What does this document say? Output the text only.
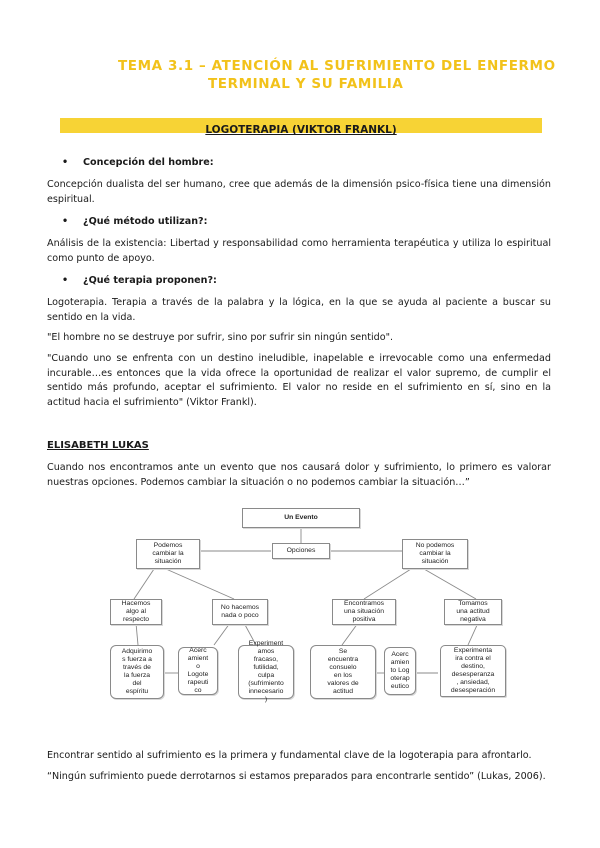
TEMA 3.1 – ATENCIÓN AL SUFRIMIENTO DEL ENFERMO
TERMINAL Y SU FAMILIA
LOGOTERAPIA (VIKTOR FRANKL)
• Concepción del hombre:
Concepción dualista del ser humano, cree que además de la dimensión psico-física tiene una dimensión espiritual.
• ¿Qué método utilizan?:
Análisis de la existencia: Libertad y responsabilidad como herramienta terapéutica y utiliza lo espiritual como punto de apoyo.
• ¿Qué terapia proponen?:
Logoterapia. Terapia a través de la palabra y la lógica, en la que se ayuda al paciente a buscar su sentido en la vida.
"El hombre no se destruye por sufrir, sino por sufrir sin ningún sentido".
"Cuando uno se enfrenta con un destino ineludible, inapelable e irrevocable como una enfermedad incurable…es entonces que la vida ofrece la oportunidad de realizar el valor supremo, de cumplir el sentido más profundo, aceptar el sufrimiento. El valor no reside en el sufrimiento en sí, sino en la actitud hacia el sufrimiento" (Viktor Frankl).
ELISABETH LUKAS
Cuando nos encontramos ante un evento que nos causará dolor y sufrimiento, lo primero es valorar nuestras opciones. Podemos cambiar la situación o no podemos cambiar la situación…”
Un Evento
Opciones
Podemos
cambiar la
situación
No podemos
cambiar la
situación
Hacemos
algo al
respecto
No hacemos
nada o poco
Encontramos
una situación
positiva
Tomamos
una actitud
negativa
Adquirimo
s fuerza a
través de
la fuerza
del
espíritu
Acerc
amient
o
Logote
rapeuti
co
Experiment
amos
fracaso,
futilidad,
culpa
(sufrimiento
innecesario
)
Se
encuentra
consuelo
en los
valores de
actitud
Acerc
amien
to Log
oterap
eutico
Experimenta
ira contra el
destino,
desesperanza
, ansiedad,
desesperación
Encontrar sentido al sufrimiento es la primera y fundamental clave de la logoterapia para afrontarlo.
“Ningún sufrimiento puede derrotarnos si estamos preparados para encontrarle sentido” (Lukas, 2006).
